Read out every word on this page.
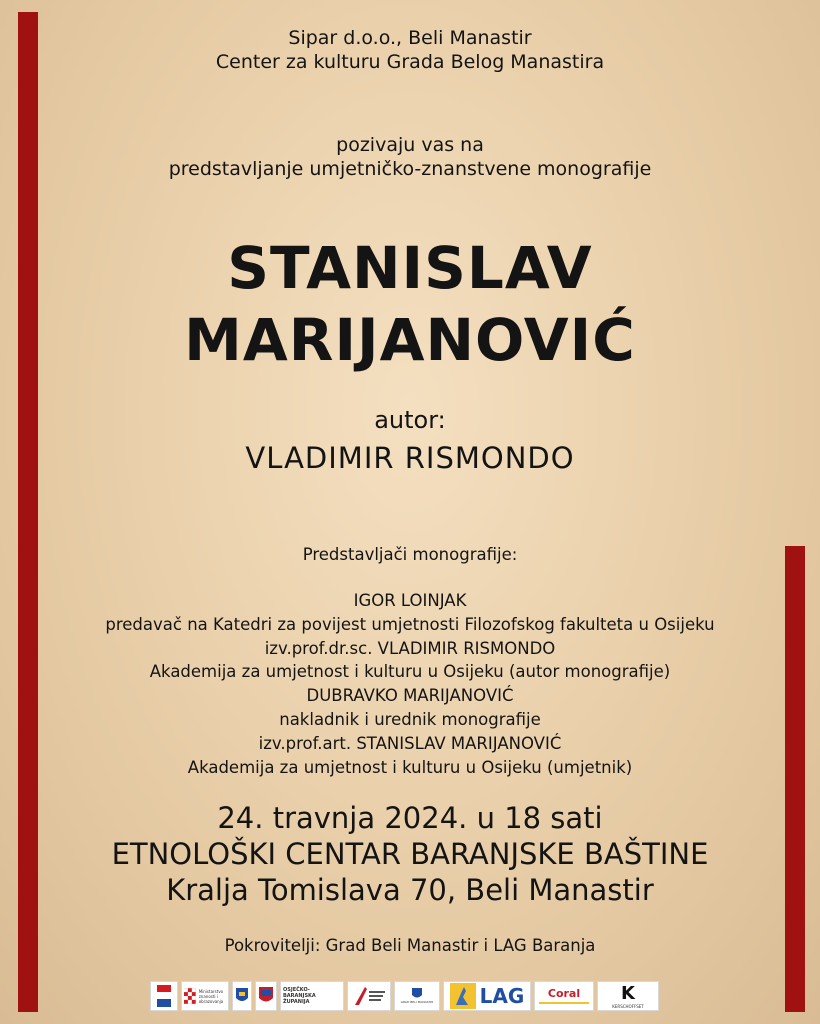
Sipar d.o.o., Beli Manastir
Center za kulturu Grada Belog Manastira
pozivaju vas na
predstavljanje umjetničko-znanstvene monografije
STANISLAV
MARIJANOVIĆ
autor:
VLADIMIR RISMONDO
Predstavljači monografije:
IGOR LOINJAK
predavač na Katedri za povijest umjetnosti Filozofskog fakulteta u Osijeku
izv.prof.dr.sc. VLADIMIR RISMONDO
Akademija za umjetnost i kulturu u Osijeku (autor monografije)
DUBRAVKO MARIJANOVIĆ
nakladnik i urednik monografije
izv.prof.art. STANISLAV MARIJANOVIĆ
Akademija za umjetnost i kulturu u Osijeku (umjetnik)
24. travnja 2024. u 18 sati
ETNOLOŠKI CENTAR BARANJSKE BAŠTINE
Kralja Tomislava 70, Beli Manastir
Pokrovitelji: Grad Beli Manastir i LAG Baranja
Ministarstvo znanosti i obrazovanja
OSJEČKO-BARANJSKA ŽUPANIJA	GRAD BELI MANASTIR LAG Coral K
KERSCHOFFSET
